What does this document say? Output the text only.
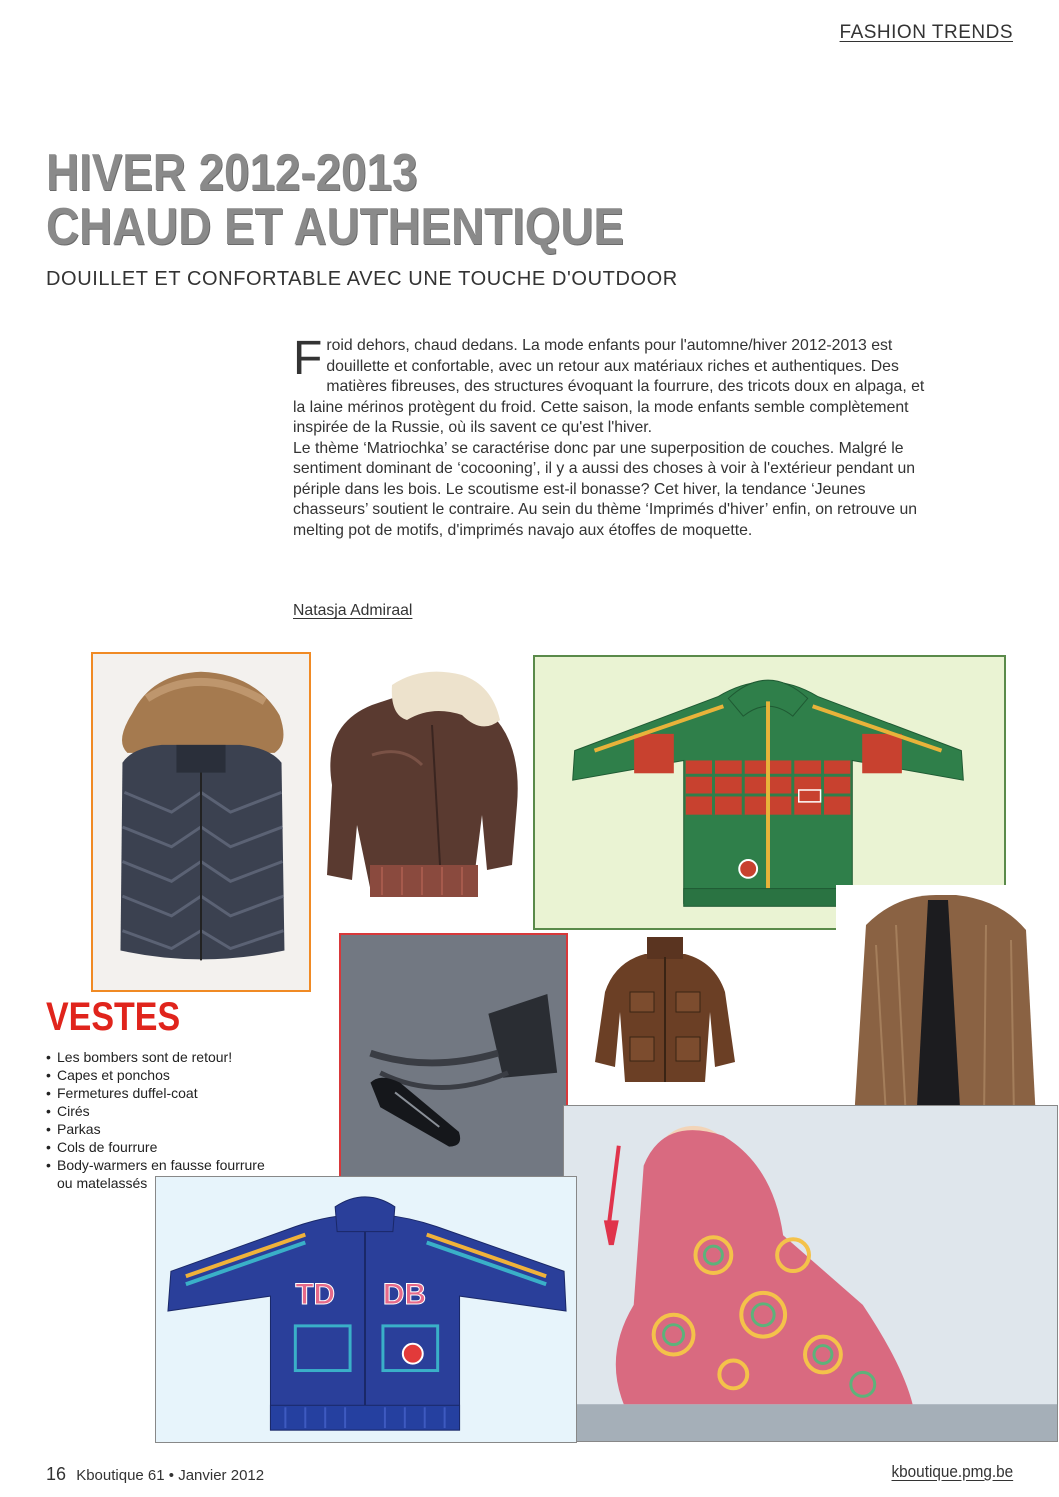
FASHION TRENDS
HIVER 2012-2013
CHAUD ET AUTHENTIQUE
DOUILLET ET CONFORTABLE AVEC UNE TOUCHE D'OUTDOOR
F roid dehors, chaud dedans. La mode enfants pour l'automne/hiver 2012-2013 est douillette et confortable, avec un retour aux matériaux riches et authentiques. Des matières fibreuses, des structures évoquant la fourrure, des tricots doux en alpaga, et la laine mérinos protègent du froid. Cette saison, la mode enfants semble complètement inspirée de la Russie, où ils savent ce qu'est l'hiver.

Le thème ‘Matriochka’ se caractérise donc par une superposition de couches. Malgré le sentiment dominant de ‘cocooning’, il y a aussi des choses à voir à l'extérieur pendant un périple dans les bois. Le scoutisme est-il bonasse? Cet hiver, la tendance ‘Jeunes chasseurs’ soutient le contraire. Au sein du thème ‘Imprimés d'hiver’ enfin, on retrouve un melting pot de motifs, d'imprimés navajo aux étoffes de moquette.

Natasja Admiraal
TD DB
VESTES
• Les bombers sont de retour!
• Capes et ponchos
• Fermetures duffel-coat
• Cirés
• Parkas
• Cols de fourrure
• Body-warmers en fausse fourrure
ou matelassés
16 Kboutique 61 • Janvier 2012	kboutique.pmg.be
